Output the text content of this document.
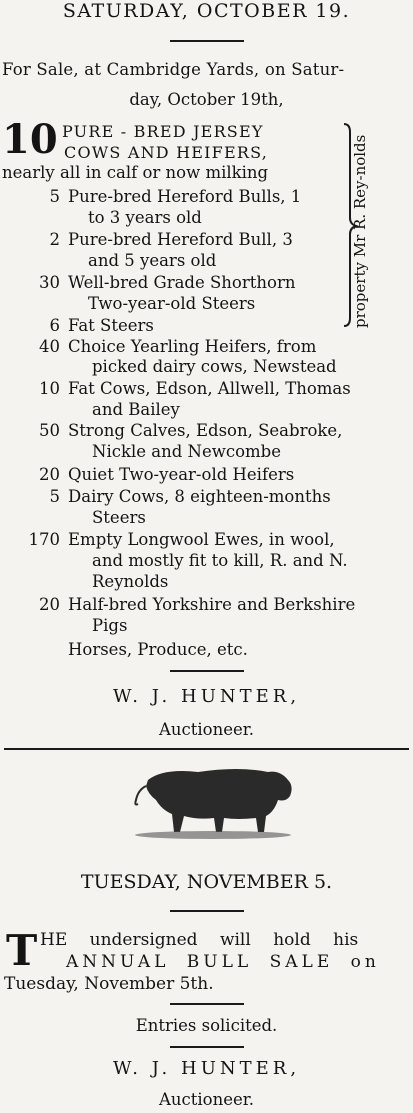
SATURDAY, OCTOBER 19.
For Sale, at Cambridge Yards, on Satur-
day, October 19th,
10 PURE - BRED JERSEY
COWS AND HEIFERS,
nearly all in calf or now milking
5 Pure-bred Hereford Bulls, 1
to 3 years old
2 Pure-bred Hereford Bull, 3
and 5 years old
30 Well-bred Grade Shorthorn
Two-year-old Steers
6 Fat Steers
40 Choice Yearling Heifers, from
picked dairy cows, Newstead
10 Fat Cows, Edson, Allwell, Thomas
and Bailey
50 Strong Calves, Edson, Seabroke,
Nickle and Newcombe
20 Quiet Two-year-old Heifers
5 Dairy Cows, 8 eighteen-months
Steers
170 Empty Longwool Ewes, in wool,
and mostly fit to kill, R. and N.
Reynolds
20 Half-bred Yorkshire and Berkshire
Pigs
property Mr R. Rey-nolds
Horses, Produce, etc.
W. J. HUNTER,
Auctioneer.
TUESDAY, NOVEMBER 5.
T HE undersigned will hold his
ANNUAL BULL SALE on
Tuesday, November 5th.
Entries solicited.
W. J. HUNTER,
Auctioneer.
